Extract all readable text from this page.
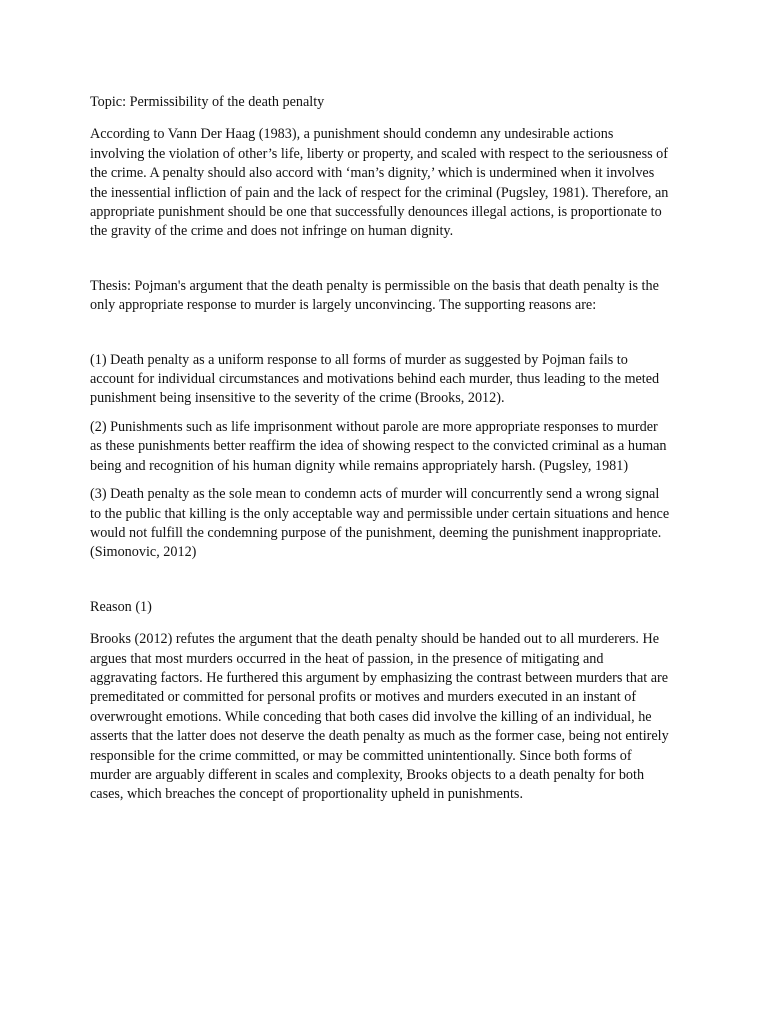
Topic: Permissibility of the death penalty

According to Vann Der Haag (1983), a punishment should condemn any undesirable actions involving the violation of other’s life, liberty or property, and scaled with respect to the seriousness of the crime. A penalty should also accord with ‘man’s dignity,’ which is undermined when it involves the inessential infliction of pain and the lack of respect for the criminal (Pugsley, 1981). Therefore, an appropriate punishment should be one that successfully denounces illegal actions, is proportionate to the gravity of the crime and does not infringe on human dignity.

Thesis: Pojman's argument that the death penalty is permissible on the basis that death penalty is the only appropriate response to murder is largely unconvincing. The supporting reasons are:

(1) Death penalty as a uniform response to all forms of murder as suggested by Pojman fails to account for individual circumstances and motivations behind each murder, thus leading to the meted punishment being insensitive to the severity of the crime (Brooks, 2012).

(2) Punishments such as life imprisonment without parole are more appropriate responses to murder as these punishments better reaffirm the idea of showing respect to the convicted criminal as a human being and recognition of his human dignity while remains appropriately harsh. (Pugsley, 1981)

(3) Death penalty as the sole mean to condemn acts of murder will concurrently send a wrong signal to the public that killing is the only acceptable way and permissible under certain situations and hence would not fulfill the condemning purpose of the punishment, deeming the punishment inappropriate. (Simonovic, 2012)

Reason (1)

Brooks (2012) refutes the argument that the death penalty should be handed out to all murderers. He argues that most murders occurred in the heat of passion, in the presence of mitigating and aggravating factors. He furthered this argument by emphasizing the contrast between murders that are premeditated or committed for personal profits or motives and murders executed in an instant of overwrought emotions. While conceding that both cases did involve the killing of an individual, he asserts that the latter does not deserve the death penalty as much as the former case, being not entirely responsible for the crime committed, or may be committed unintentionally. Since both forms of murder are arguably different in scales and complexity, Brooks objects to a death penalty for both cases, which breaches the concept of proportionality upheld in punishments.
